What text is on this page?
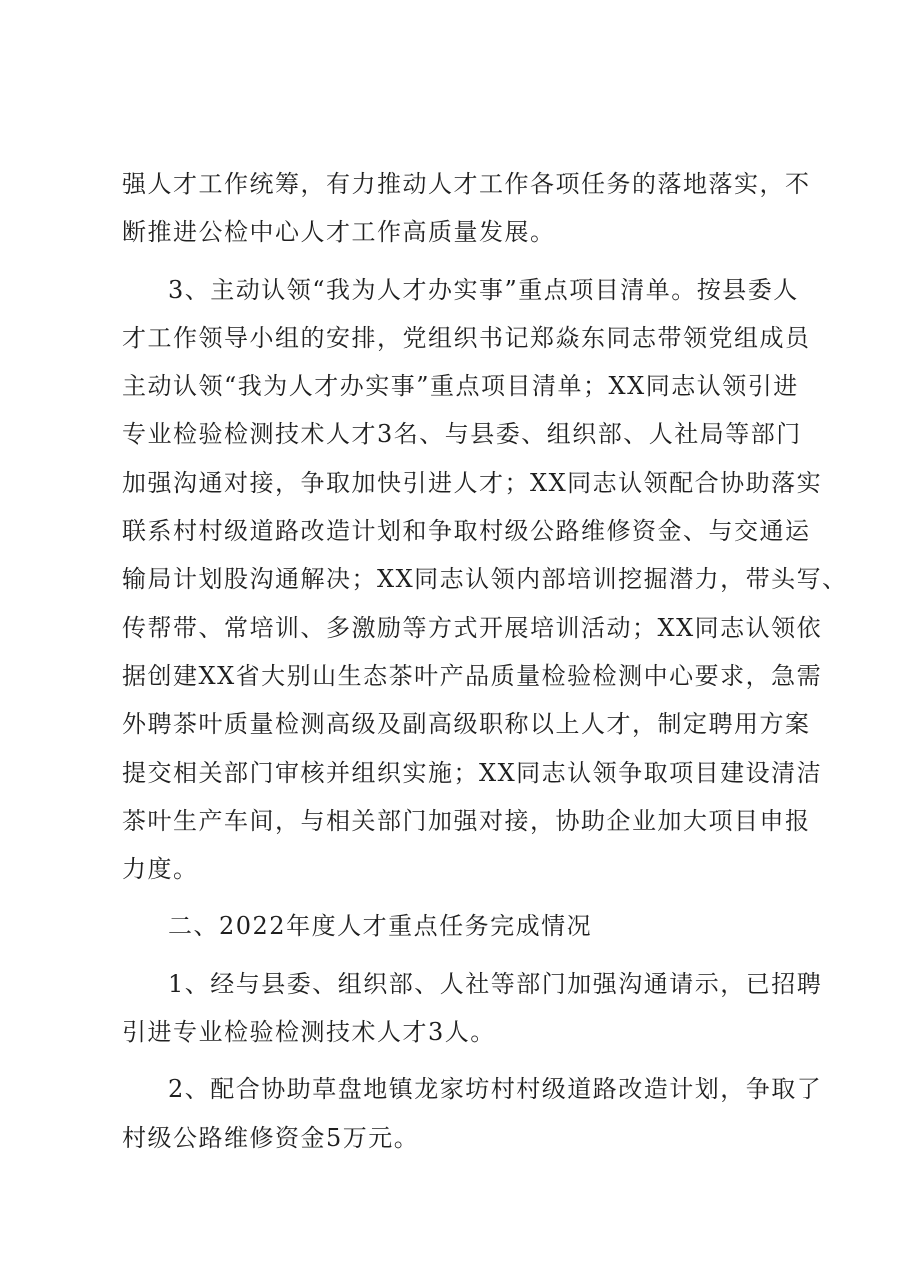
强人才工作统筹，有力推动人才工作各项任务的落地落实，不
断推进公检中心人才工作高质量发展。
3、主动认领“我为人才办实事”重点项目清单。按县委人
才工作领导小组的安排，党组织书记郑焱东同志带领党组成员
主动认领“我为人才办实事”重点项目清单；XX同志认领引进
专业检验检测技术人才3名、与县委、组织部、人社局等部门
加强沟通对接，争取加快引进人才；XX同志认领配合协助落实
联系村村级道路改造计划和争取村级公路维修资金、与交通运
输局计划股沟通解决；XX同志认领内部培训挖掘潜力，带头写、
传帮带、常培训、多激励等方式开展培训活动；XX同志认领依
据创建XX省大别山生态茶叶产品质量检验检测中心要求，急需
外聘茶叶质量检测高级及副高级职称以上人才，制定聘用方案
提交相关部门审核并组织实施；XX同志认领争取项目建设清洁
茶叶生产车间，与相关部门加强对接，协助企业加大项目申报
力度。
二、2022年度人才重点任务完成情况
1、经与县委、组织部、人社等部门加强沟通请示，已招聘
引进专业检验检测技术人才3人。
2、配合协助草盘地镇龙家坊村村级道路改造计划，争取了
村级公路维修资金5万元。
